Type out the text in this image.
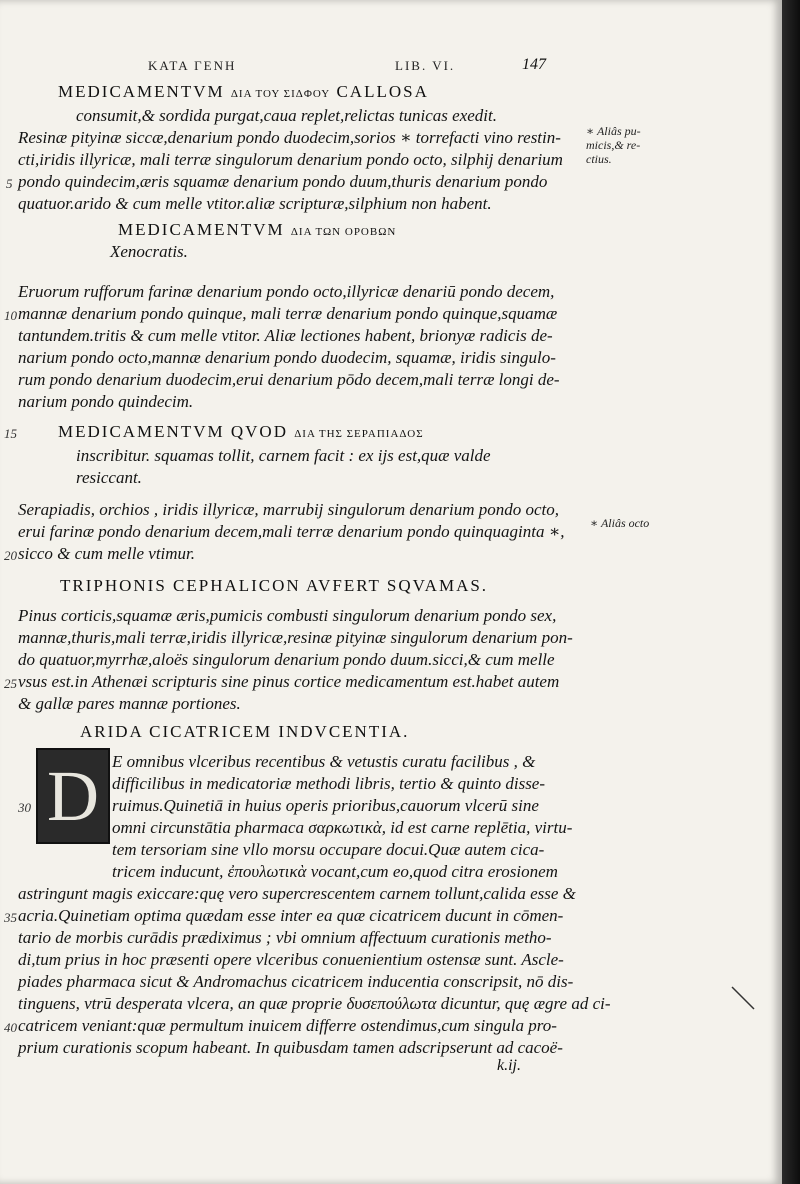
ΚΑΤΑ ΓΕΝΗ	LIB. VI.	147
MEDICAMENTVM ΔΙΑ ΤΟΥ ΣΙΔΦΟΥ CALLOSA
consumit,& sordida purgat,caua replet,relictas tunicas exedit.
Resinæ pityinæ siccæ,denarium pondo duodecim,sorios ∗ torrefacti vino restin-
cti,iridis illyricæ, mali terræ singulorum denarium pondo octo, silphij denarium
pondo quindecim,æris squamæ denarium pondo duum,thuris denarium pondo
quatuor.arido & cum melle vtitor.aliæ scripturæ,silphium non habent.
MEDICAMENTVM ΔΙΑ ΤΩΝ ΟΡΟΒΩΝ
Xenocratis.
Eruorum rufforum farinæ denarium pondo octo,illyricæ denariū pondo decem,
mannæ denarium pondo quinque, mali terræ denarium pondo quinque,squamæ
tantundem.tritis & cum melle vtitor. Aliæ lectiones habent, brionyæ radicis de-
narium pondo octo,mannæ denarium pondo duodecim, squamæ, iridis singulo-
rum pondo denarium duodecim,erui denarium pōdo decem,mali terræ longi de-
narium pondo quindecim.
MEDICAMENTVM QVOD ΔΙΑ ΤΗΣ ΣΕΡΑΠΙΑΔΟΣ
inscribitur. squamas tollit, carnem facit : ex ijs est,quæ valde
resiccant.
Serapiadis, orchios , iridis illyricæ, marrubij singulorum denarium pondo octo,
erui farinæ pondo denarium decem,mali terræ denarium pondo quinquaginta ∗,
sicco & cum melle vtimur.
TRIPHONIS CEPHALICON AVFERT SQVAMAS.
Pinus corticis,squamæ æris,pumicis combusti singulorum denarium pondo sex,
mannæ,thuris,mali terræ,iridis illyricæ,resinæ pityinæ singulorum denarium pon-
do quatuor,myrrhæ,aloës singulorum denarium pondo duum.sicci,& cum melle
vsus est.in Athenæi scripturis sine pinus cortice medicamentum est.habet autem
& gallæ pares mannæ portiones.
ARIDA CICATRICEM INDVCENTIA.
D E omnibus vlceribus recentibus & vetustis curatu facilibus , &
difficilibus in medicatoriæ methodi libris, tertio & quinto disse-
ruimus.Quinetiā in huius operis prioribus,cauorum vlcerū sine
omni circunstātia pharmaca σαρκωτικὰ, id est carne replētia, virtu-
tem tersoriam sine vllo morsu occupare docui.Quæ autem cica-
tricem inducunt, ἐπουλωτικὰ vocant,cum eo,quod citra erosionem
astringunt magis exiccare:quę vero supercrescentem carnem tollunt,calida esse &
acria.Quinetiam optima quædam esse inter ea quæ cicatricem ducunt in cōmen-
tario de morbis curādis prædiximus ; vbi omnium affectuum curationis metho-
di,tum prius in hoc præsenti opere vlceribus conuenientium ostensæ sunt. Ascle-
piades pharmaca sicut & Andromachus cicatricem inducentia conscripsit, nō dis-
tinguens, vtrū desperata vlcera, an quæ proprie δυσεπούλωτα dicuntur, quę ægre ad ci-
catricem veniant:quæ permultum inuicem differre ostendimus,cum singula pro-
prium curationis scopum habeant. In quibusdam tamen adscripserunt ad cacoë-
5
10
15
20
25
30
35
40
∗ Aliâs pu-
micis,& re-
ctius.
∗ Aliâs octo
k.ij.
